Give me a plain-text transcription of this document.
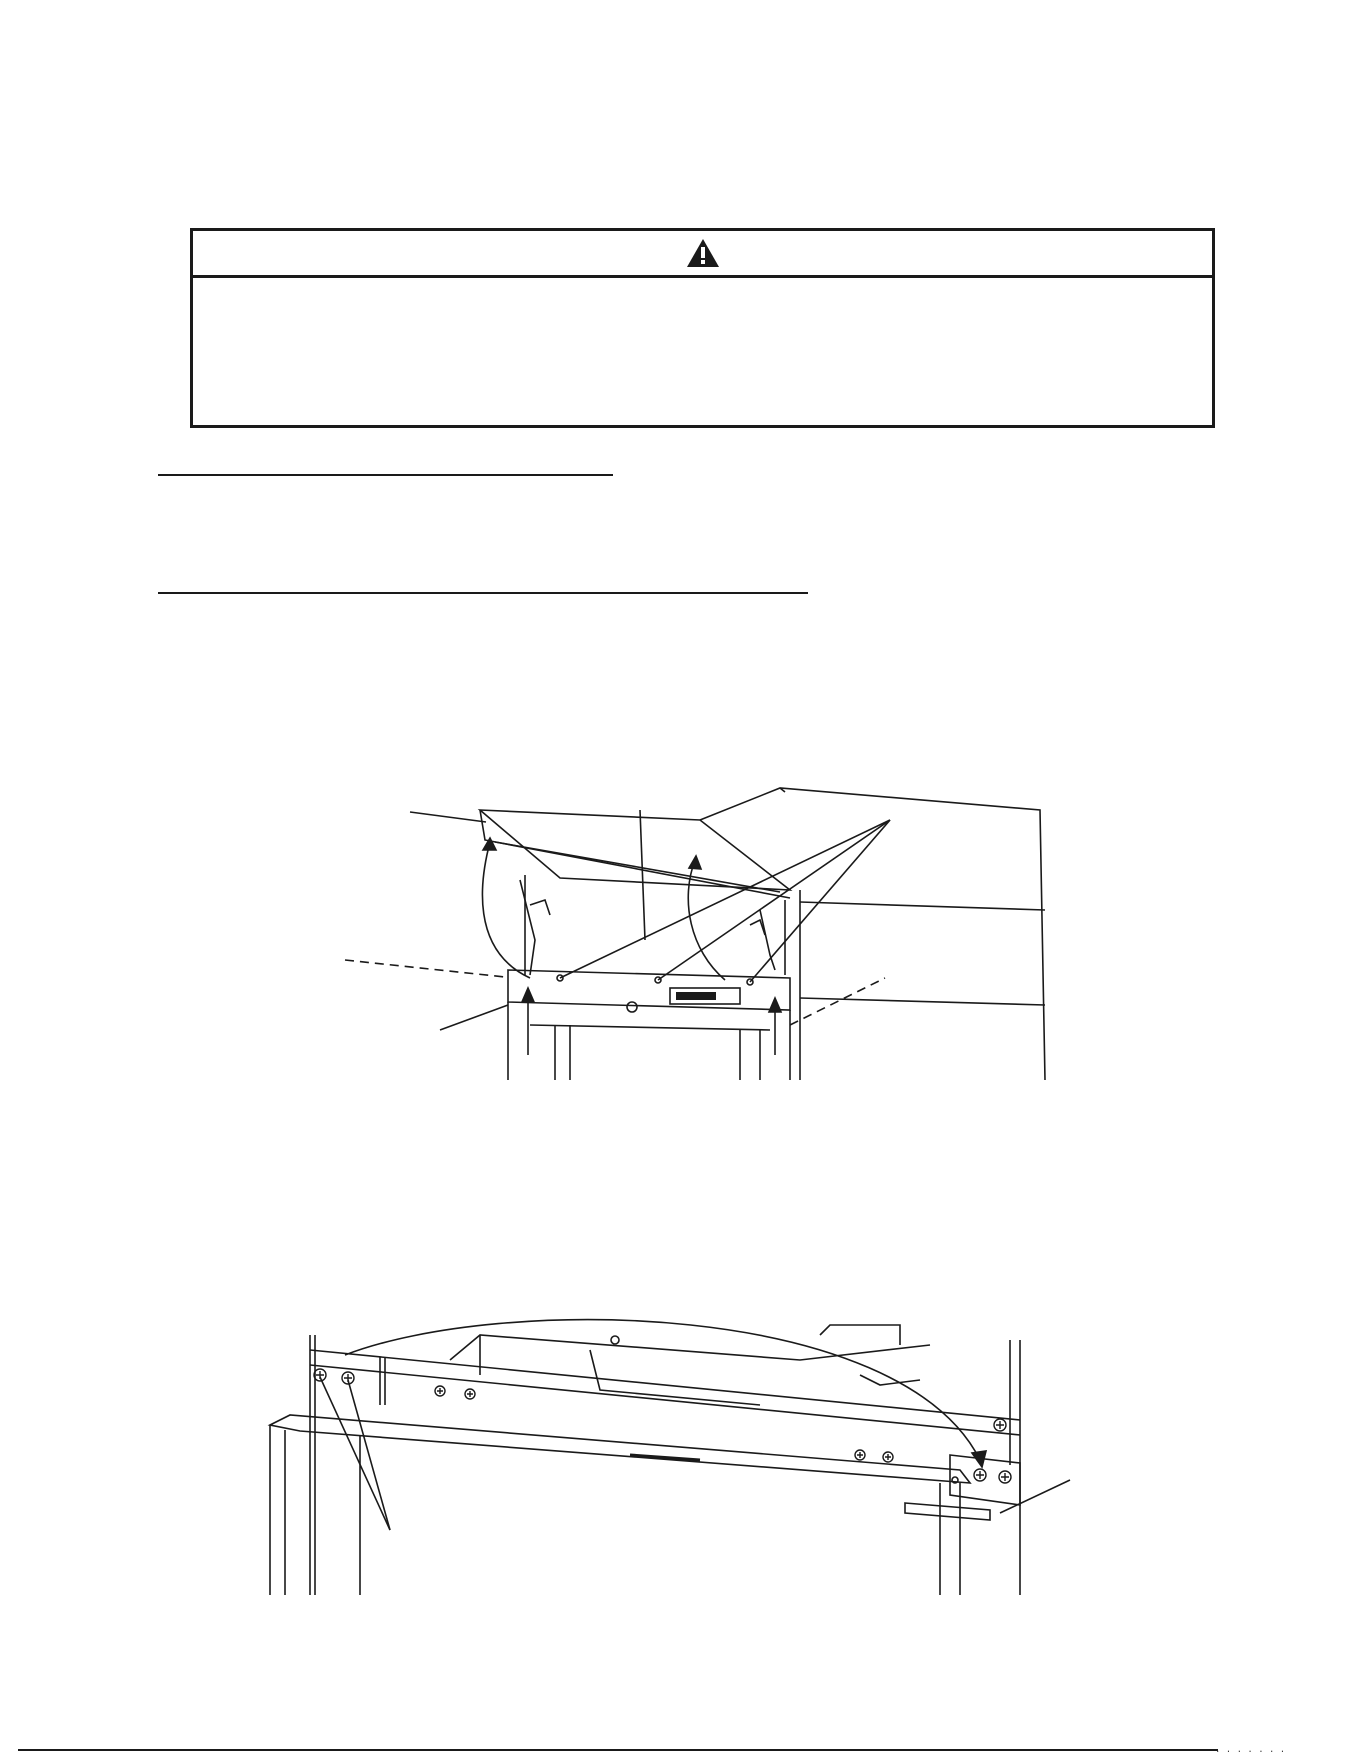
. . . . . . .
